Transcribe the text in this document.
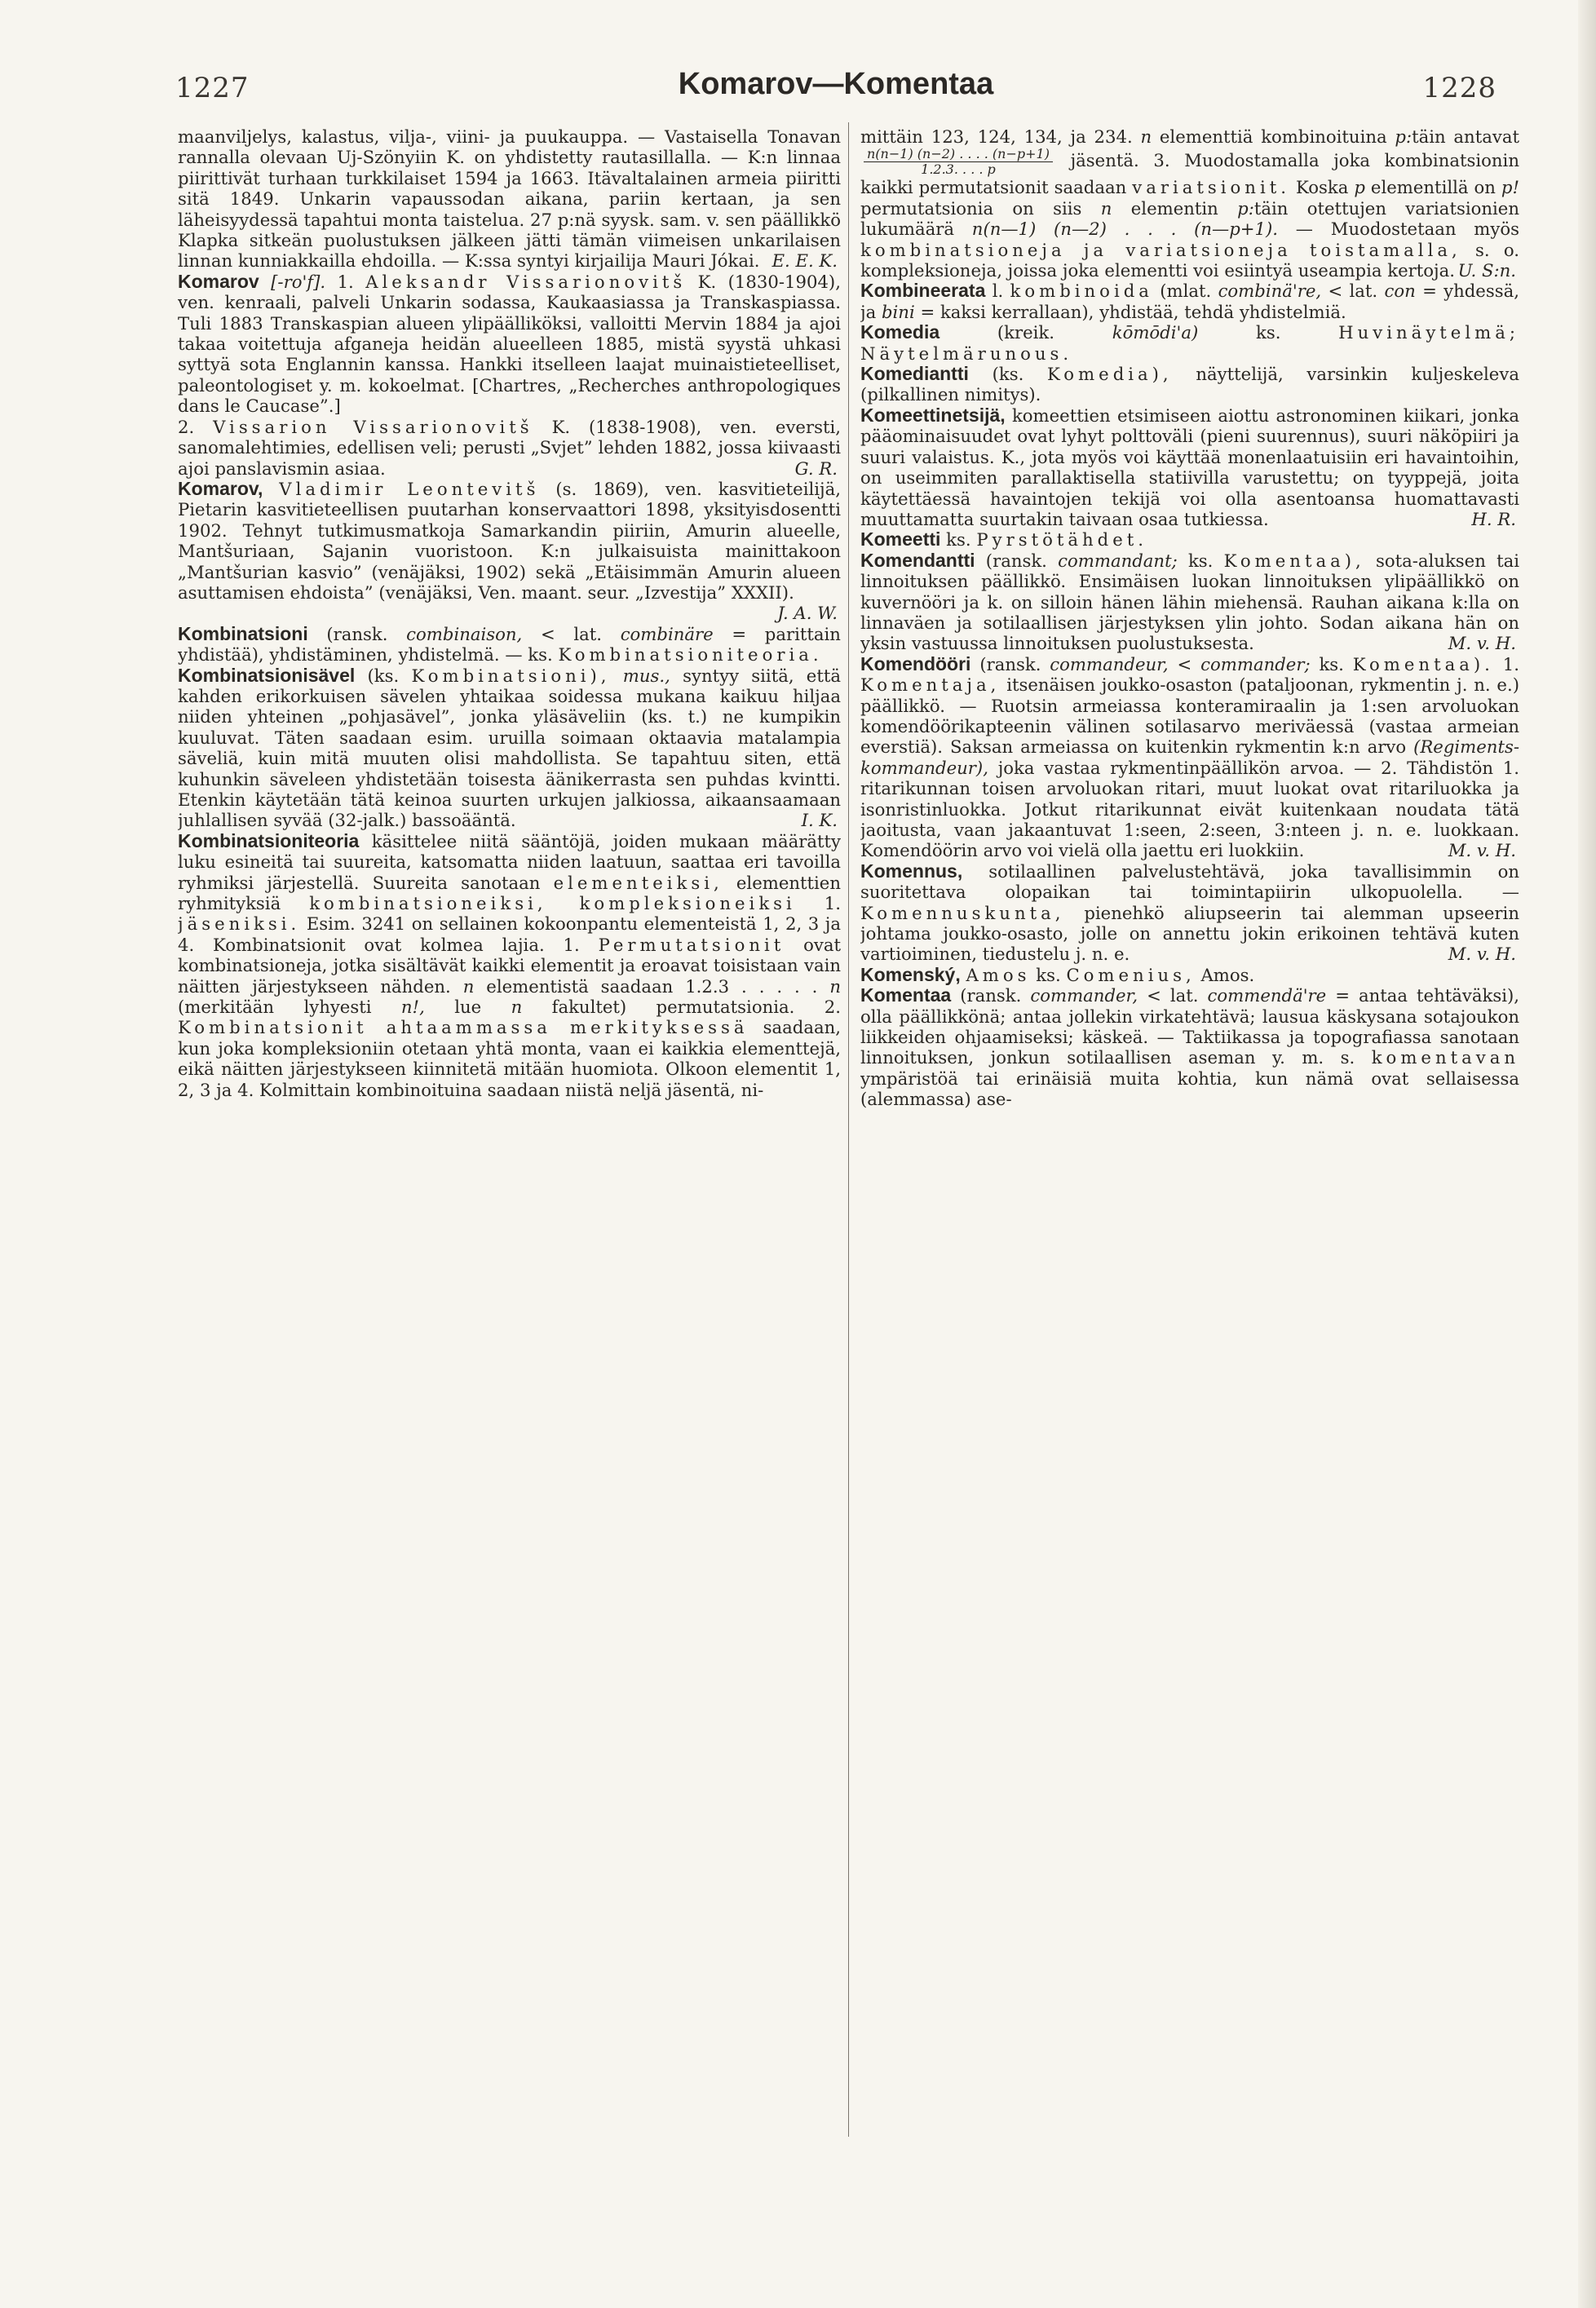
1227	Komarov—Komentaa	1228

maanviljelys, kalastus, vilja-, viini- ja puukauppa. — Vastaisella Tonavan rannalla olevaan Uj-Szönyiin K. on yhdistetty rautasillalla. — K:n linnaa piirittivät turhaan turkkilaiset 1594 ja 1663. Itävaltalainen armeia piiritti sitä 1849. Unkarin vapaussodan aikana, pariin kertaan, ja sen läheisyydessä tapahtui monta taistelua. 27 p:nä syysk. sam. v. sen päällikkö Klapka sitkeän puolustuksen jälkeen jätti tämän viimeisen unkarilaisen linnan kunniakkailla ehdoilla. — K:ssa syntyi kirjailija Mauri Jókai. E. E. K.

Komarov [-ro'f]. 1. Aleksandr Vissarionovitš K. (1830-1904), ven. kenraali, palveli Unkarin sodassa, Kaukaasiassa ja Transkaspiassa. Tuli 1883 Transkaspian alueen ylipäälliköksi, valloitti Mervin 1884 ja ajoi takaa voitettuja afganeja heidän alueelleen 1885, mistä syystä uhkasi syttyä sota Englannin kanssa. Hankki itselleen laajat muinaistieteelliset, paleontologiset y. m. kokoelmat. [Chartres, „Recherches anthropologiques dans le Caucase”.]

2. Vissarion Vissarionovitš K. (1838-1908), ven. eversti, sanomalehtimies, edellisen veli; perusti „Svjet” lehden 1882, jossa kiivaasti ajoi panslavismin asiaa.	G. R.

Komarov, Vladimir Leontevitš (s. 1869), ven. kasvitieteilijä, Pietarin kasvitieteellisen puutarhan konservaattori 1898, yksityisdosentti 1902. Tehnyt tutkimusmatkoja Samarkandin piiriin, Amurin alueelle, Mantšuriaan, Sajanin vuoristoon. K:n julkaisuista mainittakoon „Mantšurian kasvio” (venäjäksi, 1902) sekä „Etäisimmän Amurin alueen asuttamisen ehdoista” (venäjäksi, Ven. maant. seur. „Izvestija” XXXII).
J. A. W.

Kombinatsioni (ransk. combinaison, < lat. combinäre = parittain yhdistää), yhdistäminen, yhdistelmä. — ks. Kombinatsioniteoria.

Kombinatsionisävel (ks. Kombinatsioni), mus., syntyy siitä, että kahden erikorkuisen sävelen yhtaikaa soidessa mukana kaikuu hiljaa niiden yhteinen „pohjasävel”, jonka yläsäveliin (ks. t.) ne kumpikin kuuluvat. Täten saadaan esim. uruilla soimaan oktaavia matalampia säveliä, kuin mitä muuten olisi mahdollista. Se tapahtuu siten, että kuhunkin säveleen yhdistetään toisesta äänikerrasta sen puhdas kvintti. Etenkin käytetään tätä keinoa suurten urkujen jalkiossa, aikaansaamaan juhlallisen syvää (32-jalk.) bassoääntä.	I. K.

Kombinatsioniteoria käsittelee niitä sääntöjä, joiden mukaan määrätty luku esineitä tai suureita, katsomatta niiden laatuun, saattaa eri tavoilla ryhmiksi järjestellä. Suureita sanotaan elementeiksi, elementtien ryhmityksiä kombinatsioneiksi, kompleksioneiksi 1. jäseniksi. Esim. 3241 on sellainen kokoonpantu elementeistä 1, 2, 3 ja 4. Kombinatsionit ovat kolmea lajia. 1. Permutatsionit ovat kombinatsioneja, jotka sisältävät kaikki elementit ja eroavat toisistaan vain näitten järjestykseen nähden. n elementistä saadaan 1.2.3 . . . . . n (merkitään lyhyesti n!, lue n fakultet) permutatsionia. 2. Kombinatsionit ahtaammassa merkityksessä saadaan, kun joka kompleksioniin otetaan yhtä monta, vaan ei kaikkia elementtejä, eikä näitten järjestykseen kiinnitetä mitään huomiota. Olkoon elementit 1, 2, 3 ja 4. Kolmittain kombinoituina saadaan niistä neljä jäsentä, ni-

mittäin 123, 124, 134, ja 234. n elementtiä kombinoituina p:täin antavat
$\frac{n(n-1) (n-2) . . . . (n-p+1)}{1.2.3. . . . p}$ jäsentä. 3. Muodostamalla joka kombinatsionin kaikki permutatsionit saadaan variatsionit. Koska p elementillä on p! permutatsionia on siis n elementin p:täin otettujen variatsionien lukumäärä n(n—1) (n—2) . . . (n—p+1). — Muodostetaan myös kombinatsioneja ja variatsioneja toistamalla, s. o. kompleksioneja, joissa joka elementti voi esiintyä useampia kertoja. U. S:n.

Kombineerata l. kombinoida (mlat. combinä're, < lat. con = yhdessä, ja bini = kaksi kerrallaan), yhdistää, tehdä yhdistelmiä.

Komedia	(kreik.	kōmōdi'a)	ks.	Huvinäytelmä; Näytelmärunous.

Komediantti (ks. Komedia), näyttelijä, varsinkin kuljeskeleva (pilkallinen nimitys).

Komeettinetsijä, komeettien etsimiseen aiottu astronominen kiikari, jonka pääominaisuudet ovat lyhyt polttoväli (pieni suurennus), suuri näköpiiri ja suuri valaistus. K., jota myös voi käyttää monenlaatuisiin eri havaintoihin, on useimmiten parallaktisella statiivilla varustettu; on tyyppejä, joita käytettäessä havaintojen tekijä voi olla asentoansa huomattavasti muuttamatta suurtakin taivaan osaa tutkiessa.	H. R.

Komeetti ks. Pyrstötähdet.

Komendantti (ransk. commandant; ks. Komentaa), sota-aluksen tai linnoituksen päällikkö. Ensimäisen luokan linnoituksen ylipäällikkö on kuvernööri ja k. on silloin hänen lähin miehensä. Rauhan aikana k:lla on linnaväen ja sotilaallisen järjestyksen ylin johto. Sodan aikana hän on yksin vastuussa linnoituksen puolustuksesta.	M. v. H.

Komendööri (ransk. commandeur, < commander; ks. Komentaa). 1. Komentaja, itsenäisen joukko-osaston (pataljoonan, rykmentin j. n. e.) päällikkö. — Ruotsin armeiassa konteramiraalin ja 1:sen arvoluokan komendöörikapteenin välinen sotilasarvo meriväessä (vastaa armeian everstiä). Saksan armeiassa on kuitenkin rykmentin k:n arvo (Regiments-kommandeur), joka vastaa rykmentinpäällikön arvoa. — 2. Tähdistön 1. ritarikunnan toisen arvoluokan ritari, muut luokat ovat ritariluokka ja isonristinluokka. Jotkut ritarikunnat eivät kuitenkaan noudata tätä jaoitusta, vaan jakaantuvat 1:seen, 2:seen, 3:nteen j. n. e. luokkaan. Komendöörin arvo voi vielä olla jaettu eri luokkiin.	M. v. H.

Komennus, sotilaallinen palvelustehtävä, joka tavallisimmin on suoritettava olopaikan tai toimintapiirin ulkopuolella. — Komennuskunta, pienehkö aliupseerin tai alemman upseerin johtama joukko-osasto, jolle on annettu jokin erikoinen tehtävä kuten vartioiminen, tiedustelu j. n. e.	M. v. H.

Komenský, Amos ks. Comenius, Amos.

Komentaa (ransk. commander, < lat. commendä're = antaa tehtäväksi), olla päällikkönä; antaa jollekin virkatehtävä; lausua käskysana sotajoukon liikkeiden ohjaamiseksi; käskeä. — Taktiikassa ja topografiassa sanotaan linnoituksen, jonkun sotilaallisen aseman y. m. s. komentavan ympäristöä tai erinäisiä muita kohtia, kun nämä ovat sellaisessa (alemmassa) ase-
